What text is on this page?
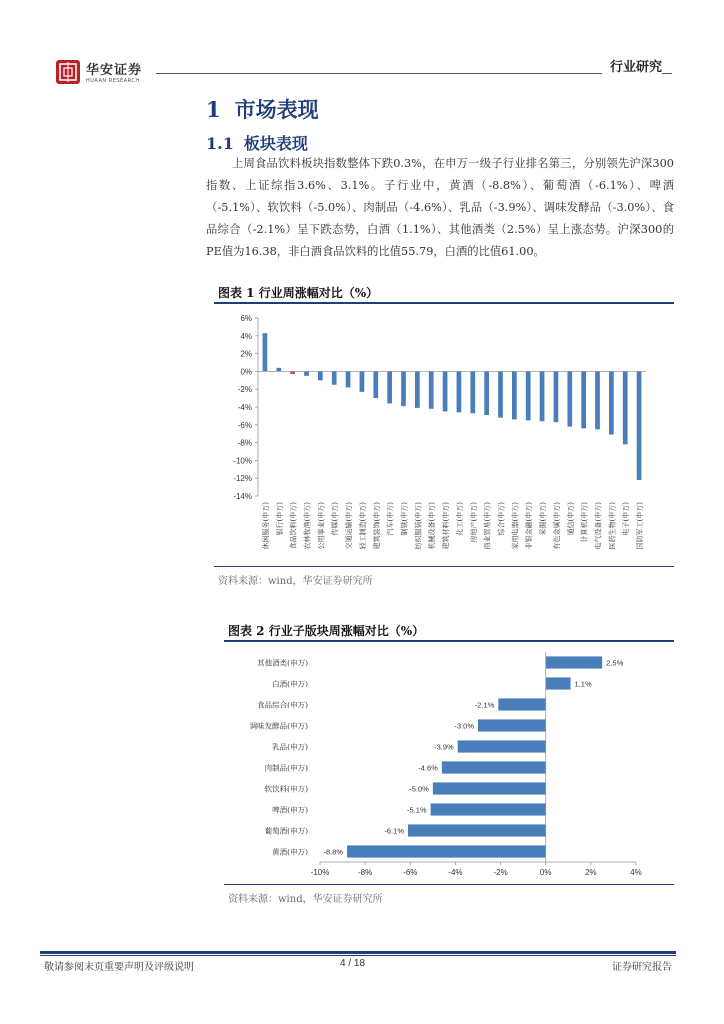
华安证券
HUAAN RESEARCH
行业研究
1 市场表现
1.1 板块表现

上周食品饮料板块指数整体下跌0.3%，在申万一级子行业排名第三，分别领先沪深300指数、上证综指3.6%、3.1%。子行业中，黄酒（-8.8%）、葡萄酒（-6.1%）、啤酒（-5.1%）、软饮料（-5.0%）、肉制品（-4.6%）、乳品（-3.9%）、调味发酵品（-3.0%）、食品综合（-2.1%）呈下跌态势，白酒（1.1%）、其他酒类（2.5%）呈上涨态势。沪深300的PE值为16.38，非白酒食品饮料的比值55.79，白酒的比值61.00。

图表 1 行业周涨幅对比（%）
6%
4%
2%
0%
-2%
-4%
-6%
-8%
-10%
-12%
-14%
休闲服务(申万) 银行(申万) 食品饮料(申万) 农林牧渔(申万) 公用事业(申万) 传媒(申万) 交通运输(申万) 轻工制造(申万) 建筑装饰(申万) 汽车(申万) 钢铁(申万) 纺织服装(申万) 机械设备(申万) 建筑材料(申万) 化工(申万) 房地产(申万) 商业贸易(申万) 综合(申万) 家用电器(申万) 非银金融(申万) 采掘(申万) 有色金属(申万) 通信(申万) 计算机(申万) 电气设备(申万) 医药生物(申万) 电子(申万) 国防军工(申万)
资料来源：wind，华安证券研究所
图表 2 行业子版块周涨幅对比（%）
其他酒类(申万)	2.5%
白酒(申万)	1.1%
食品综合(申万)	-2.1%
调味发酵品(申万)	-3.0%
乳品(申万)	-3.9%
肉制品(申万)	-4.6%
软饮料(申万)	-5.0%
啤酒(申万)	-5.1%
葡萄酒(申万)	-6.1%
黄酒(申万) -8.8%
-10%	-8%	-6%	-4%	-2%	0%	2%	4%
资料来源：wind，华安证券研究所
敬请参阅末页重要声明及评级说明	4 / 18	证券研究报告
